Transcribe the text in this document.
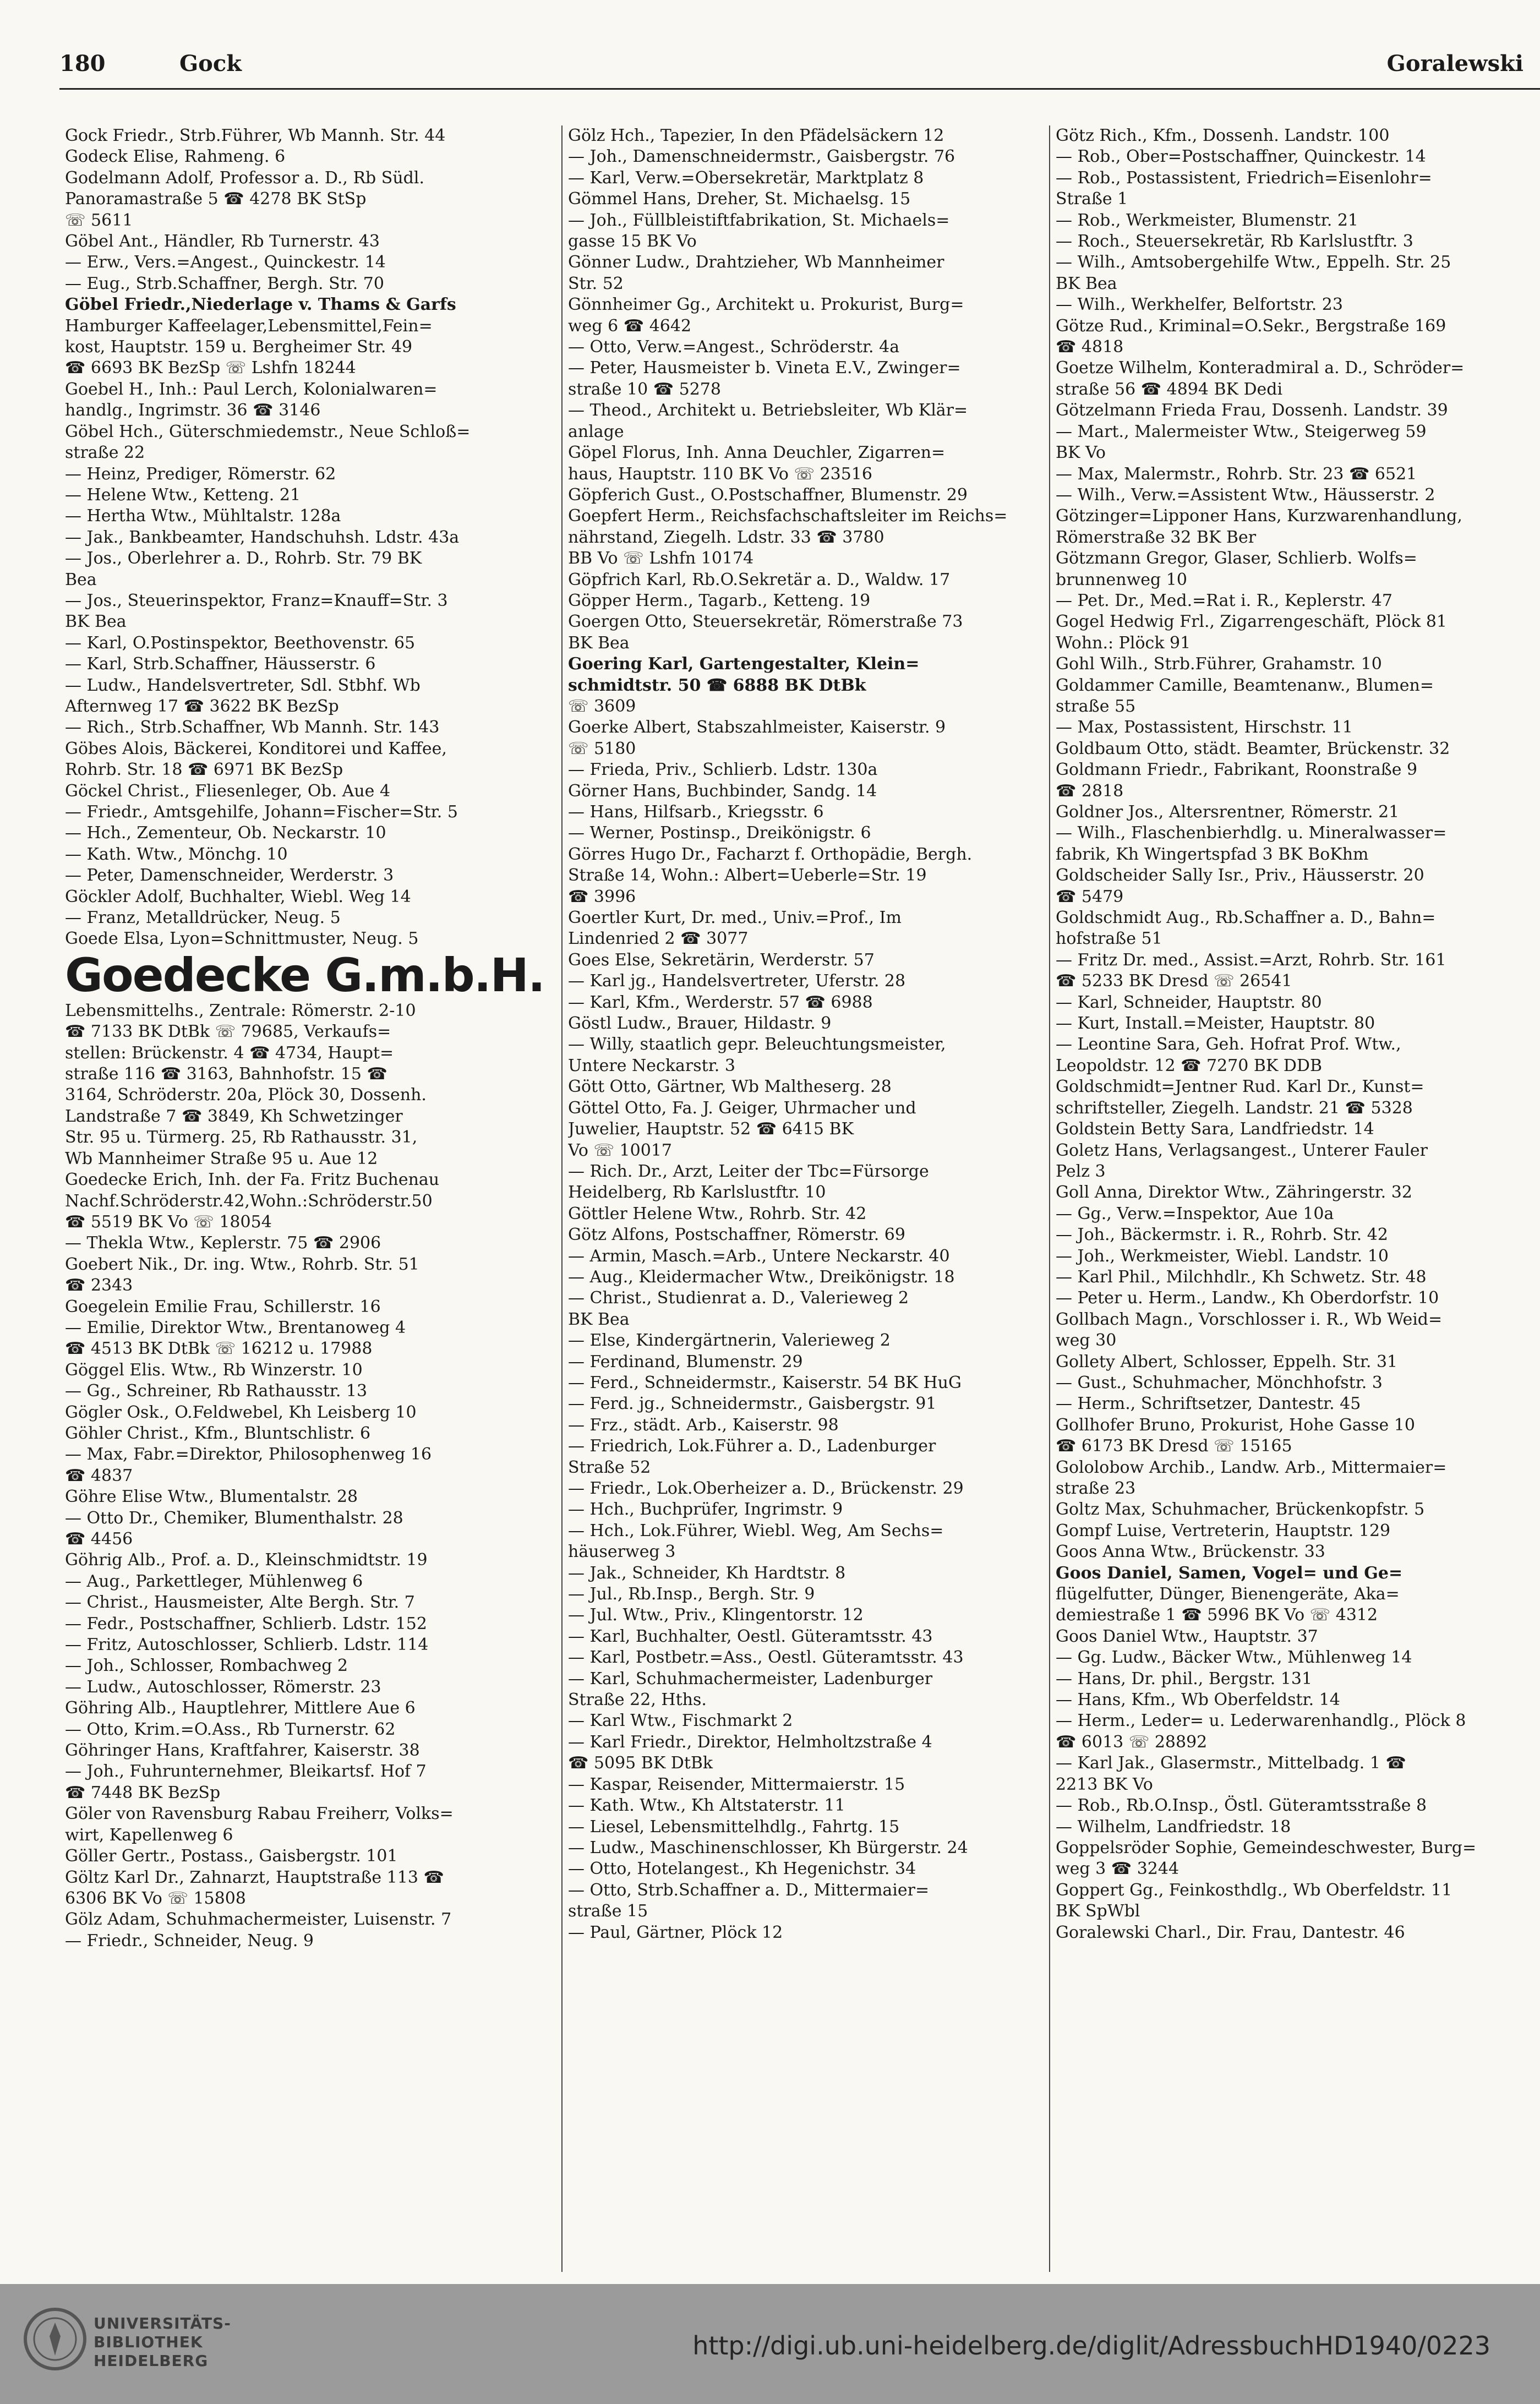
180	Gock	Goralewski

Gock Friedr., Strb.Führer, Wb Mannh. Str. 44

Godeck Elise, Rahmeng. 6

Godelmann Adolf, Professor a. D., Rb Südl.

Panoramastraße 5 ☎ 4278 BK StSp

☏ 5611

Göbel Ant., Händler, Rb Turnerstr. 43

— Erw., Vers.=Angest., Quinckestr. 14

— Eug., Strb.Schaffner, Bergh. Str. 70

Göbel Friedr.,Niederlage v. Thams & Garfs

Hamburger Kaffeelager,Lebensmittel,Fein=

kost, Hauptstr. 159 u. Bergheimer Str. 49

☎ 6693 BK BezSp ☏ Lshfn 18244

Goebel H., Inh.: Paul Lerch, Kolonialwaren=

handlg., Ingrimstr. 36 ☎ 3146

Göbel Hch., Güterschmiedemstr., Neue Schloß=

straße 22

— Heinz, Prediger, Römerstr. 62

— Helene Wtw., Ketteng. 21

— Hertha Wtw., Mühltalstr. 128a

— Jak., Bankbeamter, Handschuhsh. Ldstr. 43a

— Jos., Oberlehrer a. D., Rohrb. Str. 79 BK

Bea

— Jos., Steuerinspektor, Franz=Knauff=Str. 3

BK Bea

— Karl, O.Postinspektor, Beethovenstr. 65

— Karl, Strb.Schaffner, Häusserstr. 6

— Ludw., Handelsvertreter, Sdl. Stbhf. Wb

Afternweg 17 ☎ 3622 BK BezSp

— Rich., Strb.Schaffner, Wb Mannh. Str. 143

Göbes Alois, Bäckerei, Konditorei und Kaffee,

Rohrb. Str. 18 ☎ 6971 BK BezSp

Göckel Christ., Fliesenleger, Ob. Aue 4

— Friedr., Amtsgehilfe, Johann=Fischer=Str. 5

— Hch., Zementeur, Ob. Neckarstr. 10

— Kath. Wtw., Mönchg. 10

— Peter, Damenschneider, Werderstr. 3

Göckler Adolf, Buchhalter, Wiebl. Weg 14

— Franz, Metalldrücker, Neug. 5

Goede Elsa, Lyon=Schnittmuster, Neug. 5

Goedecke G.m.b.H.

Lebensmittelhs., Zentrale: Römerstr. 2-10

☎ 7133 BK DtBk ☏ 79685, Verkaufs=

stellen: Brückenstr. 4 ☎ 4734, Haupt=

straße 116 ☎ 3163, Bahnhofstr. 15 ☎

3164, Schröderstr. 20a, Plöck 30, Dossenh.

Landstraße 7 ☎ 3849, Kh Schwetzinger

Str. 95 u. Türmerg. 25, Rb Rathausstr. 31,

Wb Mannheimer Straße 95 u. Aue 12

Goedecke Erich, Inh. der Fa. Fritz Buchenau

Nachf.Schröderstr.42,Wohn.:Schröderstr.50

☎ 5519 BK Vo ☏ 18054

— Thekla Wtw., Keplerstr. 75 ☎ 2906

Goebert Nik., Dr. ing. Wtw., Rohrb. Str. 51

☎ 2343

Goegelein Emilie Frau, Schillerstr. 16

— Emilie, Direktor Wtw., Brentanoweg 4

☎ 4513 BK DtBk ☏ 16212 u. 17988

Göggel Elis. Wtw., Rb Winzerstr. 10

— Gg., Schreiner, Rb Rathausstr. 13

Gögler Osk., O.Feldwebel, Kh Leisberg 10

Göhler Christ., Kfm., Bluntschlistr. 6

— Max, Fabr.=Direktor, Philosophenweg 16

☎ 4837

Göhre Elise Wtw., Blumentalstr. 28

— Otto Dr., Chemiker, Blumenthalstr. 28

☎ 4456

Göhrig Alb., Prof. a. D., Kleinschmidtstr. 19

— Aug., Parkettleger, Mühlenweg 6

— Christ., Hausmeister, Alte Bergh. Str. 7

— Fedr., Postschaffner, Schlierb. Ldstr. 152

— Fritz, Autoschlosser, Schlierb. Ldstr. 114

— Joh., Schlosser, Rombachweg 2

— Ludw., Autoschlosser, Römerstr. 23

Göhring Alb., Hauptlehrer, Mittlere Aue 6

— Otto, Krim.=O.Ass., Rb Turnerstr. 62

Göhringer Hans, Kraftfahrer, Kaiserstr. 38

— Joh., Fuhrunternehmer, Bleikartsf. Hof 7

☎ 7448 BK BezSp

Göler von Ravensburg Rabau Freiherr, Volks=

wirt, Kapellenweg 6

Göller Gertr., Postass., Gaisbergstr. 101

Göltz Karl Dr., Zahnarzt, Hauptstraße 113 ☎

6306 BK Vo ☏ 15808

Gölz Adam, Schuhmachermeister, Luisenstr. 7

— Friedr., Schneider, Neug. 9

Gölz Hch., Tapezier, In den Pfädelsäckern 12

— Joh., Damenschneidermstr., Gaisbergstr. 76

— Karl, Verw.=Obersekretär, Marktplatz 8

Gömmel Hans, Dreher, St. Michaelsg. 15

— Joh., Füllbleistiftfabrikation, St. Michaels=

gasse 15 BK Vo

Gönner Ludw., Drahtzieher, Wb Mannheimer

Str. 52

Gönnheimer Gg., Architekt u. Prokurist, Burg=

weg 6 ☎ 4642

— Otto, Verw.=Angest., Schröderstr. 4a

— Peter, Hausmeister b. Vineta E.V., Zwinger=

straße 10 ☎ 5278

— Theod., Architekt u. Betriebsleiter, Wb Klär=

anlage

Göpel Florus, Inh. Anna Deuchler, Zigarren=

haus, Hauptstr. 110 BK Vo ☏ 23516

Göpferich Gust., O.Postschaffner, Blumenstr. 29

Goepfert Herm., Reichsfachschaftsleiter im Reichs=

nährstand, Ziegelh. Ldstr. 33 ☎ 3780

BB Vo ☏ Lshfn 10174

Göpfrich Karl, Rb.O.Sekretär a. D., Waldw. 17

Göpper Herm., Tagarb., Ketteng. 19

Goergen Otto, Steuersekretär, Römerstraße 73

BK Bea

Goering Karl, Gartengestalter, Klein=

schmidtstr. 50 ☎ 6888 BK DtBk

☏ 3609

Goerke Albert, Stabszahlmeister, Kaiserstr. 9

☏ 5180

— Frieda, Priv., Schlierb. Ldstr. 130a

Görner Hans, Buchbinder, Sandg. 14

— Hans, Hilfsarb., Kriegsstr. 6

— Werner, Postinsp., Dreikönigstr. 6

Görres Hugo Dr., Facharzt f. Orthopädie, Bergh.

Straße 14, Wohn.: Albert=Ueberle=Str. 19

☎ 3996

Goertler Kurt, Dr. med., Univ.=Prof., Im

Lindenried 2 ☎ 3077

Goes Else, Sekretärin, Werderstr. 57

— Karl jg., Handelsvertreter, Uferstr. 28

— Karl, Kfm., Werderstr. 57 ☎ 6988

Göstl Ludw., Brauer, Hildastr. 9

— Willy, staatlich gepr. Beleuchtungsmeister,

Untere Neckarstr. 3

Gött Otto, Gärtner, Wb Maltheserg. 28

Göttel Otto, Fa. J. Geiger, Uhrmacher und

Juwelier, Hauptstr. 52 ☎ 6415 BK

Vo ☏ 10017

— Rich. Dr., Arzt, Leiter der Tbc=Fürsorge

Heidelberg, Rb Karlslustftr. 10

Göttler Helene Wtw., Rohrb. Str. 42

Götz Alfons, Postschaffner, Römerstr. 69

— Armin, Masch.=Arb., Untere Neckarstr. 40

— Aug., Kleidermacher Wtw., Dreikönigstr. 18

— Christ., Studienrat a. D., Valerieweg 2

BK Bea

— Else, Kindergärtnerin, Valerieweg 2

— Ferdinand, Blumenstr. 29

— Ferd., Schneidermstr., Kaiserstr. 54 BK HuG

— Ferd. jg., Schneidermstr., Gaisbergstr. 91

— Frz., städt. Arb., Kaiserstr. 98

— Friedrich, Lok.Führer a. D., Ladenburger

Straße 52

— Friedr., Lok.Oberheizer a. D., Brückenstr. 29

— Hch., Buchprüfer, Ingrimstr. 9

— Hch., Lok.Führer, Wiebl. Weg, Am Sechs=

häuserweg 3

— Jak., Schneider, Kh Hardtstr. 8

— Jul., Rb.Insp., Bergh. Str. 9

— Jul. Wtw., Priv., Klingentorstr. 12

— Karl, Buchhalter, Oestl. Güteramtsstr. 43

— Karl, Postbetr.=Ass., Oestl. Güteramtsstr. 43

— Karl, Schuhmachermeister, Ladenburger

Straße 22, Hths.

— Karl Wtw., Fischmarkt 2

— Karl Friedr., Direktor, Helmholtzstraße 4

☎ 5095 BK DtBk

— Kaspar, Reisender, Mittermaierstr. 15

— Kath. Wtw., Kh Altstaterstr. 11

— Liesel, Lebensmittelhdlg., Fahrtg. 15

— Ludw., Maschinenschlosser, Kh Bürgerstr. 24

— Otto, Hotelangest., Kh Hegenichstr. 34

— Otto, Strb.Schaffner a. D., Mittermaier=

straße 15

— Paul, Gärtner, Plöck 12

Götz Rich., Kfm., Dossenh. Landstr. 100

— Rob., Ober=Postschaffner, Quinckestr. 14

— Rob., Postassistent, Friedrich=Eisenlohr=

Straße 1

— Rob., Werkmeister, Blumenstr. 21

— Roch., Steuersekretär, Rb Karlslustftr. 3

— Wilh., Amtsobergehilfe Wtw., Eppelh. Str. 25

BK Bea

— Wilh., Werkhelfer, Belfortstr. 23

Götze Rud., Kriminal=O.Sekr., Bergstraße 169

☎ 4818

Goetze Wilhelm, Konteradmiral a. D., Schröder=

straße 56 ☎ 4894 BK Dedi

Götzelmann Frieda Frau, Dossenh. Landstr. 39

— Mart., Malermeister Wtw., Steigerweg 59

BK Vo

— Max, Malermstr., Rohrb. Str. 23 ☎ 6521

— Wilh., Verw.=Assistent Wtw., Häusserstr. 2

Götzinger=Lipponer Hans, Kurzwarenhandlung,

Römerstraße 32 BK Ber

Götzmann Gregor, Glaser, Schlierb. Wolfs=

brunnenweg 10

— Pet. Dr., Med.=Rat i. R., Keplerstr. 47

Gogel Hedwig Frl., Zigarrengeschäft, Plöck 81

Wohn.: Plöck 91

Gohl Wilh., Strb.Führer, Grahamstr. 10

Goldammer Camille, Beamtenanw., Blumen=

straße 55

— Max, Postassistent, Hirschstr. 11

Goldbaum Otto, städt. Beamter, Brückenstr. 32

Goldmann Friedr., Fabrikant, Roonstraße 9

☎ 2818

Goldner Jos., Altersrentner, Römerstr. 21

— Wilh., Flaschenbierhdlg. u. Mineralwasser=

fabrik, Kh Wingertspfad 3 BK BoKhm

Goldscheider Sally Isr., Priv., Häusserstr. 20

☎ 5479

Goldschmidt Aug., Rb.Schaffner a. D., Bahn=

hofstraße 51

— Fritz Dr. med., Assist.=Arzt, Rohrb. Str. 161

☎ 5233 BK Dresd ☏ 26541

— Karl, Schneider, Hauptstr. 80

— Kurt, Install.=Meister, Hauptstr. 80

— Leontine Sara, Geh. Hofrat Prof. Wtw.,

Leopoldstr. 12 ☎ 7270 BK DDB

Goldschmidt=Jentner Rud. Karl Dr., Kunst=

schriftsteller, Ziegelh. Landstr. 21 ☎ 5328

Goldstein Betty Sara, Landfriedstr. 14

Goletz Hans, Verlagsangest., Unterer Fauler

Pelz 3

Goll Anna, Direktor Wtw., Zähringerstr. 32

— Gg., Verw.=Inspektor, Aue 10a

— Joh., Bäckermstr. i. R., Rohrb. Str. 42

— Joh., Werkmeister, Wiebl. Landstr. 10

— Karl Phil., Milchhdlr., Kh Schwetz. Str. 48

— Peter u. Herm., Landw., Kh Oberdorfstr. 10

Gollbach Magn., Vorschlosser i. R., Wb Weid=

weg 30

Gollety Albert, Schlosser, Eppelh. Str. 31

— Gust., Schuhmacher, Mönchhofstr. 3

— Herm., Schriftsetzer, Dantestr. 45

Gollhofer Bruno, Prokurist, Hohe Gasse 10

☎ 6173 BK Dresd ☏ 15165

Gololobow Archib., Landw. Arb., Mittermaier=

straße 23

Goltz Max, Schuhmacher, Brückenkopfstr. 5

Gompf Luise, Vertreterin, Hauptstr. 129

Goos Anna Wtw., Brückenstr. 33

Goos Daniel, Samen, Vogel= und Ge=

flügelfutter, Dünger, Bienengeräte, Aka=

demiestraße 1 ☎ 5996 BK Vo ☏ 4312

Goos Daniel Wtw., Hauptstr. 37

— Gg. Ludw., Bäcker Wtw., Mühlenweg 14

— Hans, Dr. phil., Bergstr. 131

— Hans, Kfm., Wb Oberfeldstr. 14

— Herm., Leder= u. Lederwarenhandlg., Plöck 8

☎ 6013 ☏ 28892

— Karl Jak., Glasermstr., Mittelbadg. 1 ☎

2213 BK Vo

— Rob., Rb.O.Insp., Östl. Güteramtsstraße 8

— Wilhelm, Landfriedstr. 18

Goppelsröder Sophie, Gemeindeschwester, Burg=

weg 3 ☎ 3244

Goppert Gg., Feinkosthdlg., Wb Oberfeldstr. 11

BK SpWbl

Goralewski Charl., Dir. Frau, Dantestr. 46

UNIVERSITÄTS-
BIBLIOTHEK
HEIDELBERG
http://digi.ub.uni-heidelberg.de/diglit/AdressbuchHD1940/0223
